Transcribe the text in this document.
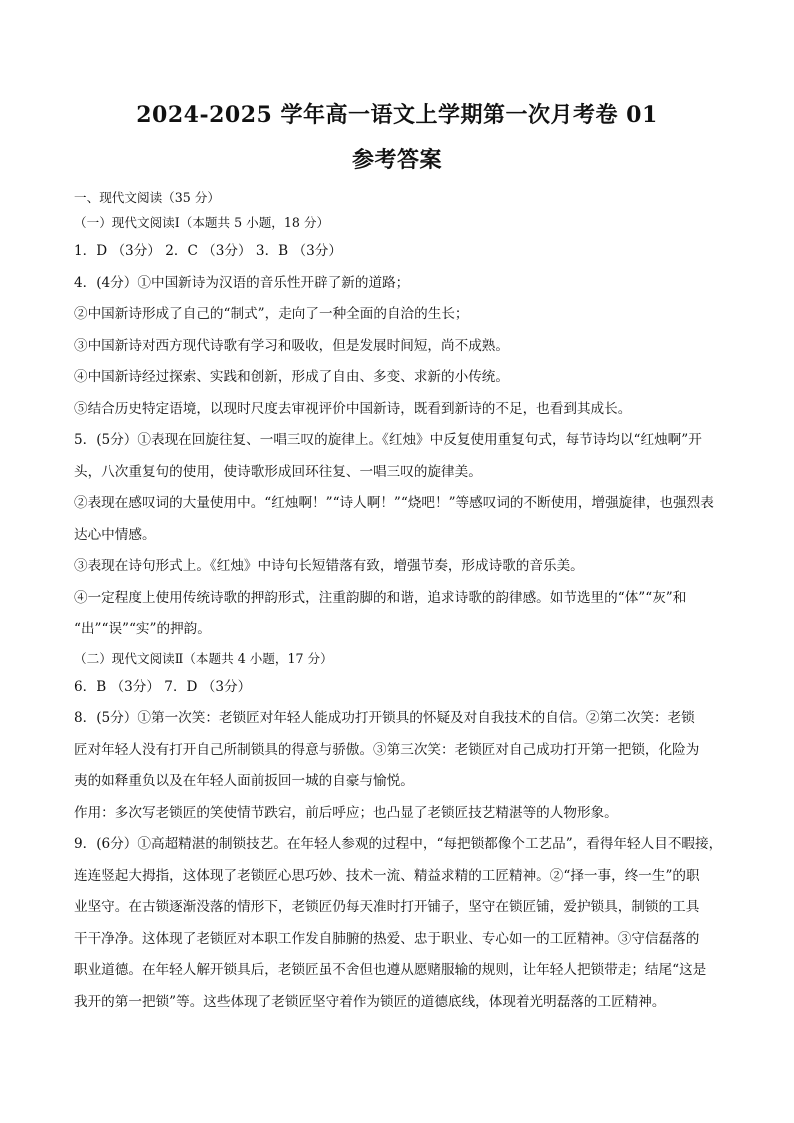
2024-2025 学年高一语文上学期第一次月考卷 01
参考答案
一、现代文阅读（35 分）
（一）现代文阅读Ⅰ（本题共 5 小题，18 分）
1．D （3分） 2．C （3分） 3．B （3分）
4．(4分）①中国新诗为汉语的音乐性开辟了新的道路；
②中国新诗形成了自己的“制式”，走向了一种全面的自洽的生长；
③中国新诗对西方现代诗歌有学习和吸收，但是发展时间短，尚不成熟。
④中国新诗经过探索、实践和创新，形成了自由、多变、求新的小传统。
⑤结合历史特定语境，以现时尺度去审视评价中国新诗，既看到新诗的不足，也看到其成长。
5．(5分）①表现在回旋往复、一唱三叹的旋律上。《红烛》中反复使用重复句式，每节诗均以“红烛啊”开
头，八次重复句的使用，使诗歌形成回环往复、一唱三叹的旋律美。
②表现在感叹词的大量使用中。“红烛啊！”“诗人啊！”“烧吧！”等感叹词的不断使用，增强旋律，也强烈表
达心中情感。
③表现在诗句形式上。《红烛》中诗句长短错落有致，增强节奏，形成诗歌的音乐美。
④一定程度上使用传统诗歌的押韵形式，注重韵脚的和谐，追求诗歌的韵律感。如节选里的“体”“灰”和
“出”“误”“实”的押韵。
（二）现代文阅读Ⅱ（本题共 4 小题，17 分）
6．B （3分） 7．D （3分）
8．(5分）①第一次笑：老锁匠对年轻人能成功打开锁具的怀疑及对自我技术的自信。②第二次笑：老锁
匠对年轻人没有打开自己所制锁具的得意与骄傲。③第三次笑：老锁匠对自己成功打开第一把锁，化险为
夷的如释重负以及在年轻人面前扳回一城的自豪与愉悦。
作用：多次写老锁匠的笑使情节跌宕，前后呼应；也凸显了老锁匠技艺精湛等的人物形象。
9．(6分）①高超精湛的制锁技艺。在年轻人参观的过程中，“每把锁都像个工艺品”，看得年轻人目不暇接，
连连竖起大拇指，这体现了老锁匠心思巧妙、技术一流、精益求精的工匠精神。②“择一事，终一生”的职
业坚守。在古锁逐渐没落的情形下，老锁匠仍每天准时打开铺子，坚守在锁匠铺，爱护锁具，制锁的工具
干干净净。这体现了老锁匠对本职工作发自肺腑的热爱、忠于职业、专心如一的工匠精神。③守信磊落的
职业道德。在年轻人解开锁具后，老锁匠虽不舍但也遵从愿赌服输的规则，让年轻人把锁带走；结尾“这是
我开的第一把锁”等。这些体现了老锁匠坚守着作为锁匠的道德底线，体现着光明磊落的工匠精神。
